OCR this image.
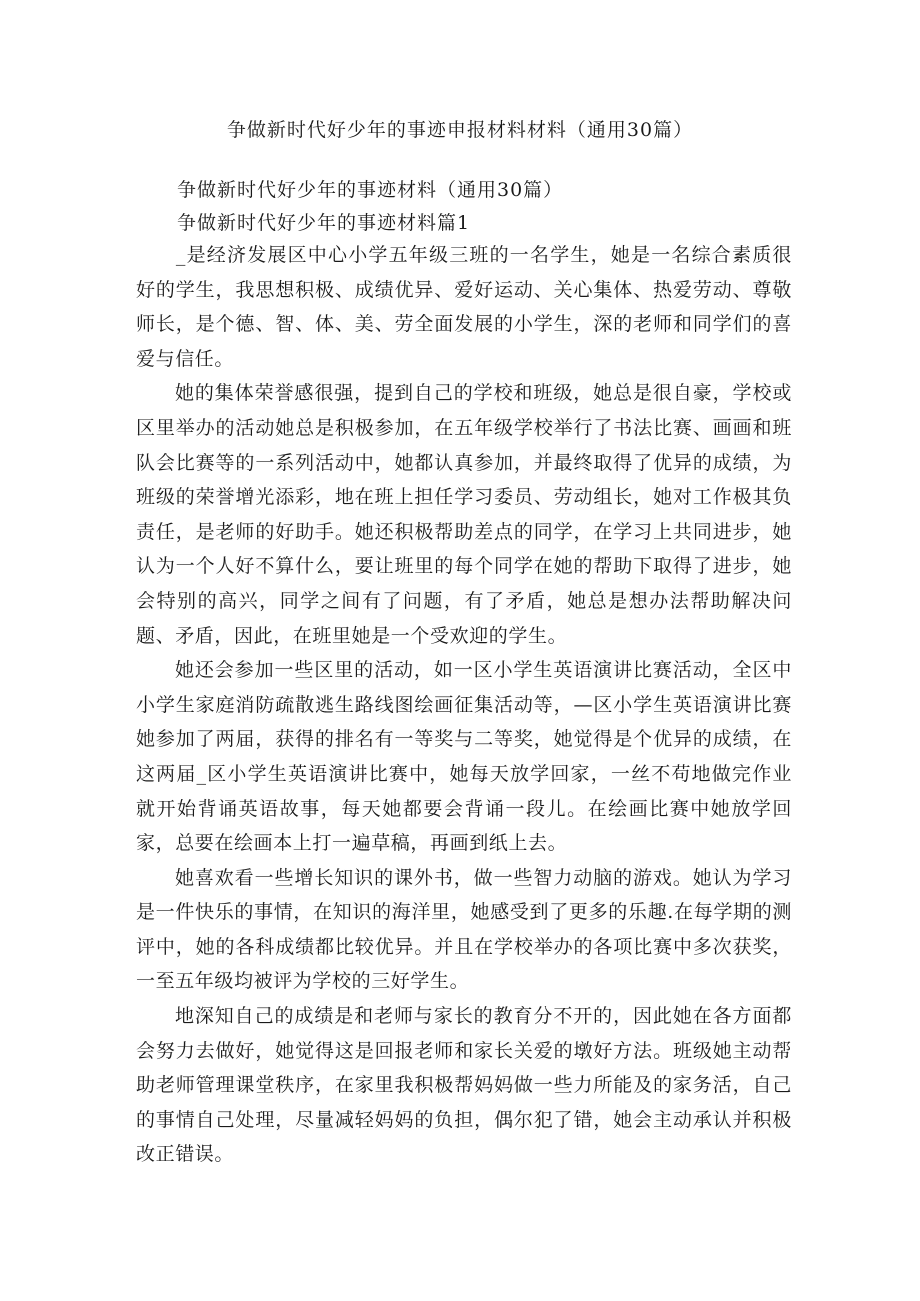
争做新时代好少年的事迹申报材料材料（通用30篇）

争做新时代好少年的事迹材料（通用30篇）

争做新时代好少年的事迹材料篇1

_是经济发展区中心小学五年级三班的一名学生，她是一名综合素质很好的学生，我思想积极、成绩优异、爱好运动、关心集体、热爱劳动、尊敬师长，是个德、智、体、美、劳全面发展的小学生，深的老师和同学们的喜爱与信任。

她的集体荣誉感很强，提到自己的学校和班级，她总是很自豪，学校或区里举办的活动她总是积极参加，在五年级学校举行了书法比赛、画画和班队会比赛等的一系列活动中，她都认真参加，并最终取得了优异的成绩，为班级的荣誉增光添彩，地在班上担任学习委员、劳动组长，她对工作极其负责任，是老师的好助手。她还积极帮助差点的同学，在学习上共同进步，她认为一个人好不算什么，要让班里的每个同学在她的帮助下取得了进步，她会特别的高兴，同学之间有了问题，有了矛盾，她总是想办法帮助解决问题、矛盾，因此，在班里她是一个受欢迎的学生。

她还会参加一些区里的活动，如一区小学生英语演讲比赛活动，全区中小学生家庭消防疏散逃生路线图绘画征集活动等，—区小学生英语演讲比赛她参加了两届，获得的排名有一等奖与二等奖，她觉得是个优异的成绩，在这两届_区小学生英语演讲比赛中，她每天放学回家，一丝不苟地做完作业就开始背诵英语故事，每天她都要会背诵一段儿。在绘画比赛中她放学回家，总要在绘画本上打一遍草稿，再画到纸上去。

她喜欢看一些增长知识的课外书，做一些智力动脑的游戏。她认为学习是一件快乐的事情，在知识的海洋里，她感受到了更多的乐趣.在每学期的测评中，她的各科成绩都比较优异。并且在学校举办的各项比赛中多次获奖，一至五年级均被评为学校的三好学生。

地深知自己的成绩是和老师与家长的教育分不开的，因此她在各方面都会努力去做好，她觉得这是回报老师和家长关爱的墩好方法。班级她主动帮助老师管理课堂秩序，在家里我积极帮妈妈做一些力所能及的家务活，自己的事情自己处理，尽量减轻妈妈的负担，偶尔犯了错，她会主动承认并积极改正错误。
